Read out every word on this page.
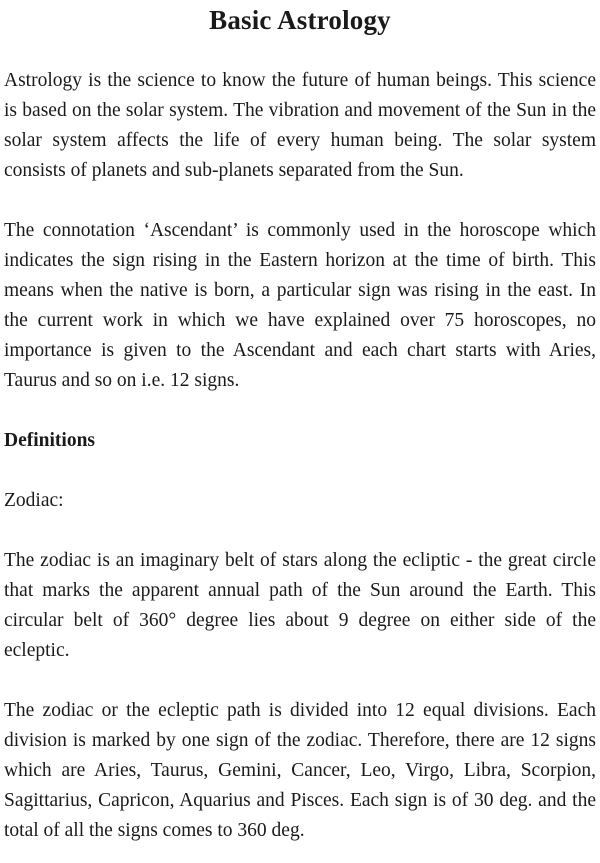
Basic Astrology

Astrology is the science to know the future of human beings. This science is based on the solar system. The vibration and movement of the Sun in the solar system affects the life of every human being. The solar system consists of planets and sub-planets separated from the Sun.

The connotation ‘Ascendant’ is commonly used in the horoscope which indicates the sign rising in the Eastern horizon at the time of birth. This means when the native is born, a particular sign was rising in the east. In the current work in which we have explained over 75 horoscopes, no importance is given to the Ascendant and each chart starts with Aries, Taurus and so on i.e. 12 signs.

Definitions

Zodiac:

The zodiac is an imaginary belt of stars along the ecliptic - the great circle that marks the apparent annual path of the Sun around the Earth. This circular belt of 360° degree lies about 9 degree on either side of the ecleptic.

The zodiac or the ecleptic path is divided into 12 equal divisions. Each division is marked by one sign of the zodiac. Therefore, there are 12 signs which are Aries, Taurus, Gemini, Cancer, Leo, Virgo, Libra, Scorpion, Sagittarius, Capricon, Aquarius and Pisces. Each sign is of 30 deg. and the total of all the signs comes to 360 deg.
